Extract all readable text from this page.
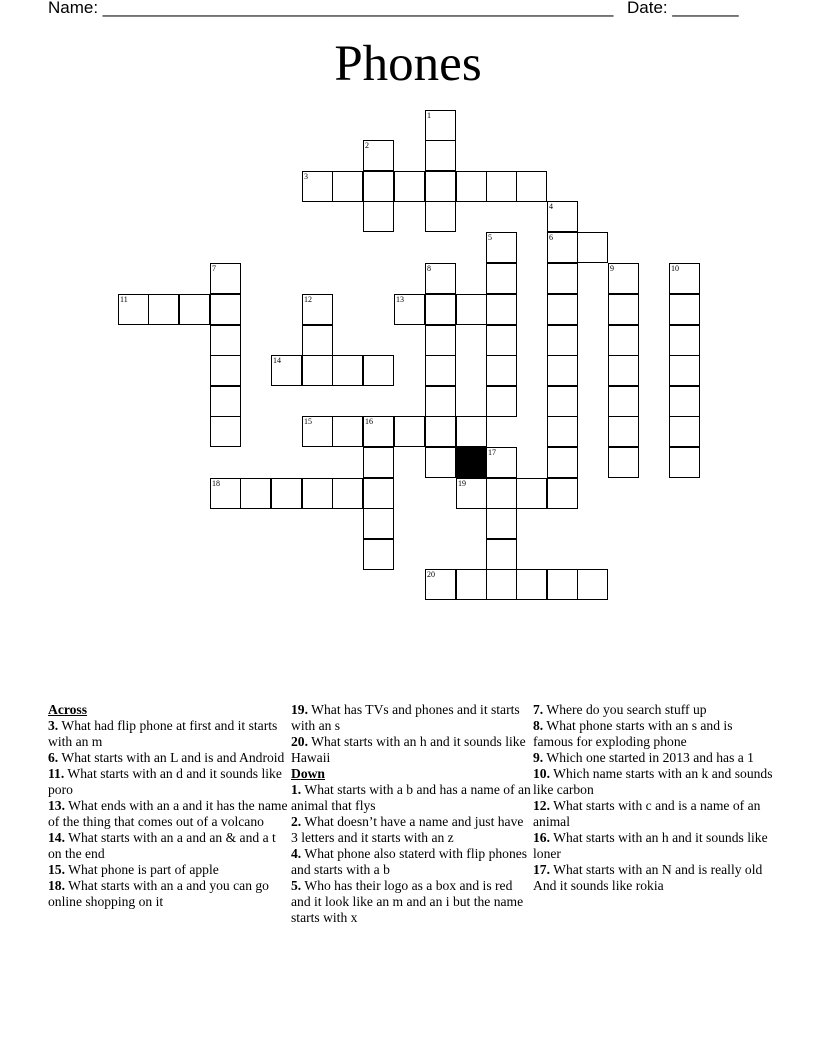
Name: ______________________________________________________ Date: _______
Phones
1
2
3
4
5	6
7	8	9	10
11	12	13
14
15	16
17
18	19
20
Across

3. What had flip phone at first and it starts with an m

6. What starts with an L and is and Android

11. What starts with an d and it sounds like poro

13. What ends with an a and it has the name of the thing that comes out of a volcano

14. What starts with an a and an & and a t on the end

15. What phone is part of apple

18. What starts with an a and you can go online shopping on it

19. What has TVs and phones and it starts with an s

20. What starts with an h and it sounds like Hawaii

Down

1. What starts with a b and has a name of an animal that flys

2. What doesn’t have a name and just have 3 letters and it starts with an z

4. What phone also staterd with flip phones and starts with a b

5. Who has their logo as a box and is red and it look like an m and an i but the name starts with x

7. Where do you search stuff up

8. What phone starts with an s and is famous for exploding phone

9. Which one started in 2013 and has a 1

10. Which name starts with an k and sounds like carbon

12. What starts with c and is a name of an animal

16. What starts with an h and it sounds like loner

17. What starts with an N and is really old And it sounds like rokia
